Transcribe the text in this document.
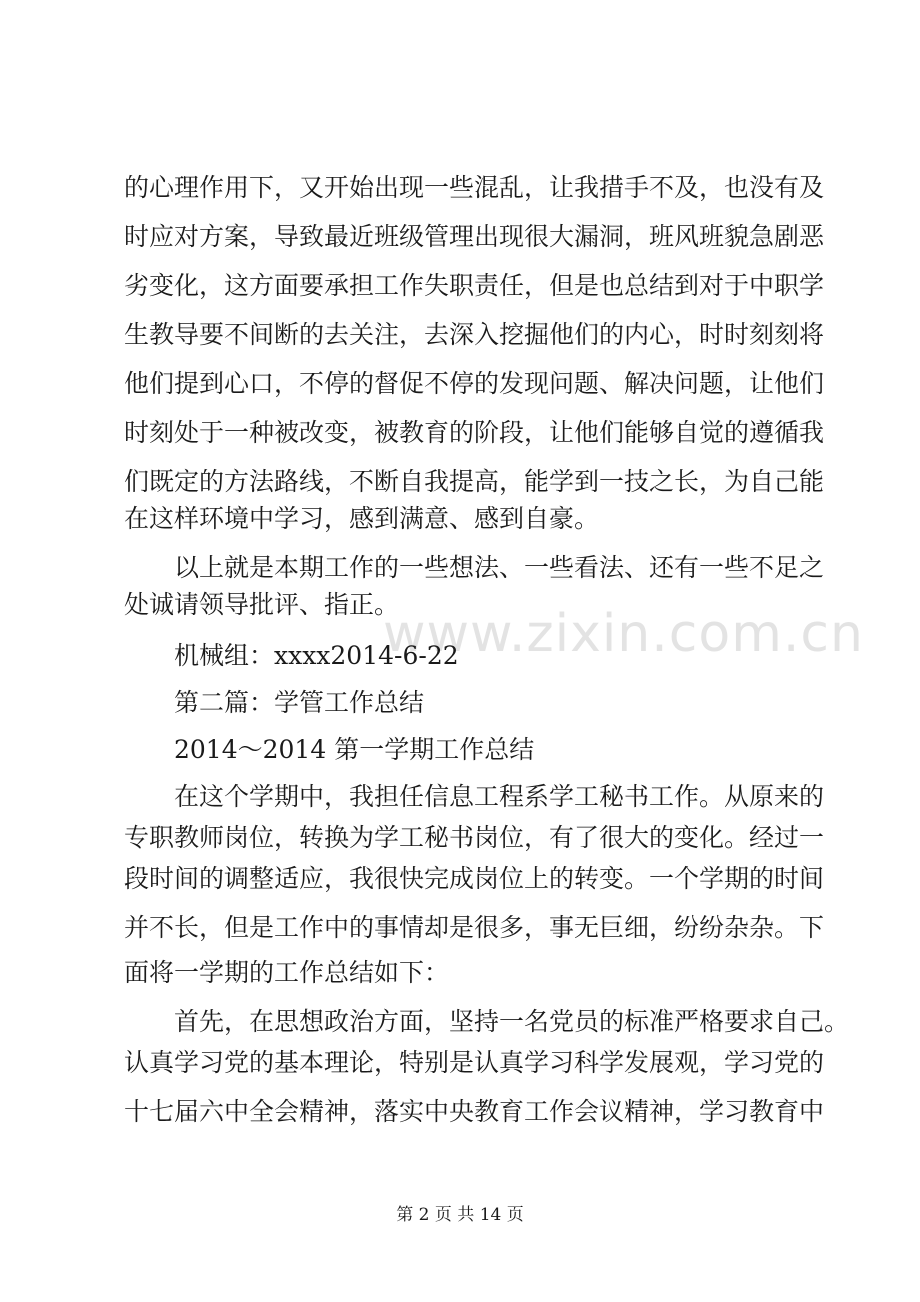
www.zixin.com.cn
的心理作用下，又开始出现一些混乱，让我措手不及，也没有及
时应对方案，导致最近班级管理出现很大漏洞，班风班貌急剧恶
劣变化，这方面要承担工作失职责任，但是也总结到对于中职学
生教导要不间断的去关注，去深入挖掘他们的内心，时时刻刻将
他们提到心口，不停的督促不停的发现问题、解决问题，让他们
时刻处于一种被改变，被教育的阶段，让他们能够自觉的遵循我
们既定的方法路线，不断自我提高，能学到一技之长，为自己能
在这样环境中学习，感到满意、感到自豪。
以上就是本期工作的一些想法、一些看法、还有一些不足之
处诚请领导批评、指正。
机械组：xxxx2014-6-22
第二篇：学管工作总结
2014～2014 第一学期工作总结
在这个学期中，我担任信息工程系学工秘书工作。从原来的
专职教师岗位，转换为学工秘书岗位，有了很大的变化。经过一
段时间的调整适应，我很快完成岗位上的转变。一个学期的时间
并不长，但是工作中的事情却是很多，事无巨细，纷纷杂杂。下
面将一学期的工作总结如下：
首先，在思想政治方面，坚持一名党员的标准严格要求自己。
认真学习党的基本理论，特别是认真学习科学发展观，学习党的
十七届六中全会精神，落实中央教育工作会议精神，学习教育中
第 2 页 共 14 页
